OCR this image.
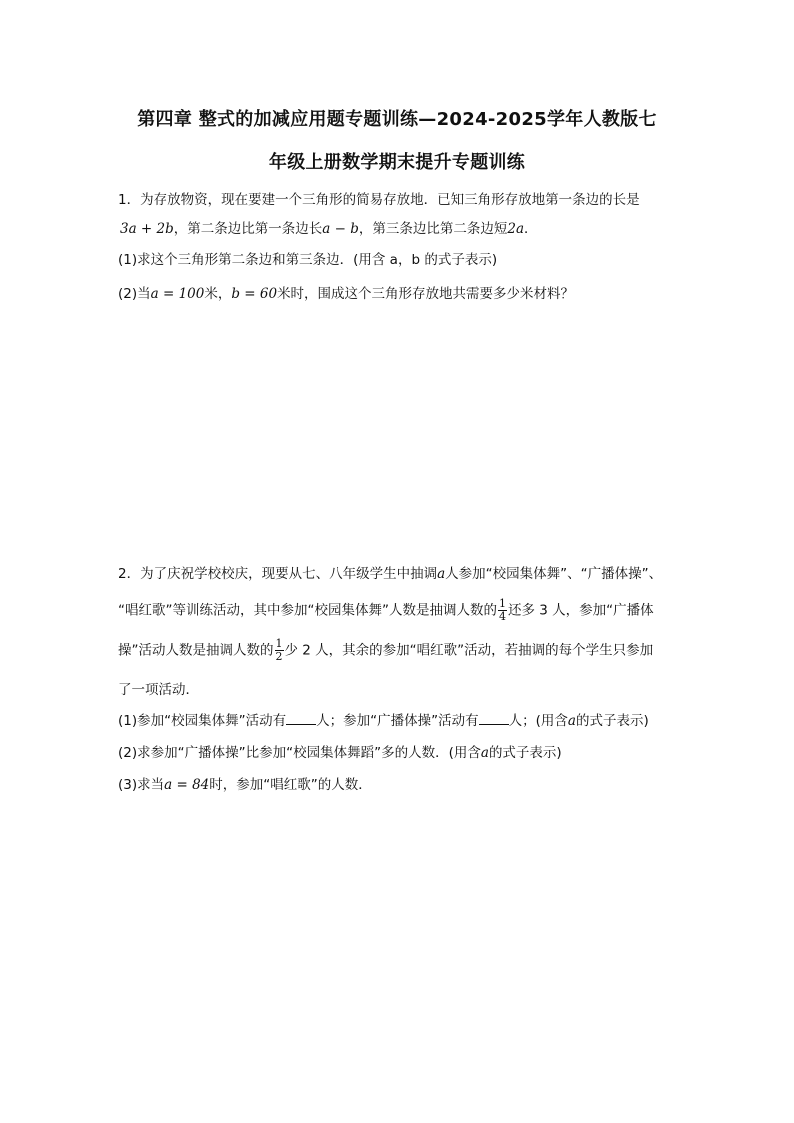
第四章 整式的加减应用题专题训练—2024-2025学年人教版七
年级上册数学期末提升专题训练
1．为存放物资，现在要建一个三角形的简易存放地．已知三角形存放地第一条边的长是
3a + 2b，第二条边比第一条边长a − b，第三条边比第二条边短2a．
(1)求这个三角形第二条边和第三条边．(用含 a，b 的式子表示)
(2)当a = 100米，b = 60米时，围成这个三角形存放地共需要多少米材料？
2．为了庆祝学校校庆，现要从七、八年级学生中抽调a人参加“校园集体舞”、“广播体操”、
“唱红歌”等训练活动，其中参加“校园集体舞”人数是抽调人数的 $\frac{1}{4}$ 还多 3 人，参加“广播体
操”活动人数是抽调人数的 $\frac{1}{2}$ 少 2 人，其余的参加“唱红歌”活动，若抽调的每个学生只参加
了一项活动．
(1)参加“校园集体舞”活动有 人；参加“广播体操”活动有 人；(用含a的式子表示)
(2)求参加“广播体操”比参加“校园集体舞蹈”多的人数．(用含a的式子表示)
(3)求当a = 84时，参加“唱红歌”的人数．
